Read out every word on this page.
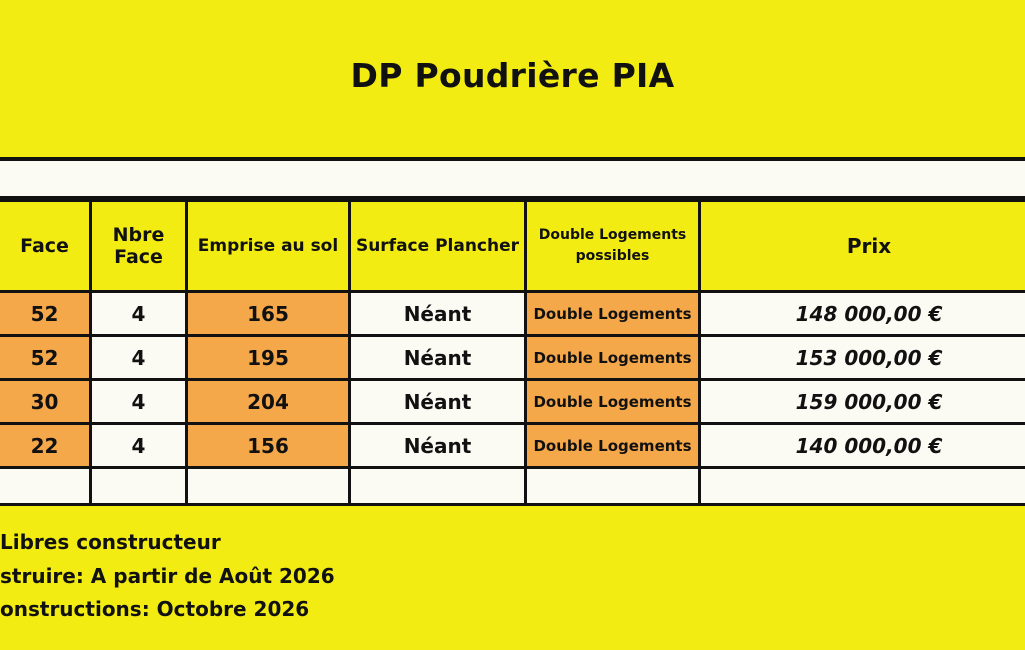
DP Poudrière PIA
Face	Nbre Face	Emprise au sol	Surface Plancher	Double Logements possibles	Prix
52	4	165	Néant	Double Logements	148 000,00 €
52	4	195	Néant	Double Logements	153 000,00 €
30	4	204	Néant	Double Logements	159 000,00 €
22	4	156	Néant	Double Logements	140 000,00 €

Libres constructeur
struire: A partir de Août 2026
onstructions: Octobre 2026
